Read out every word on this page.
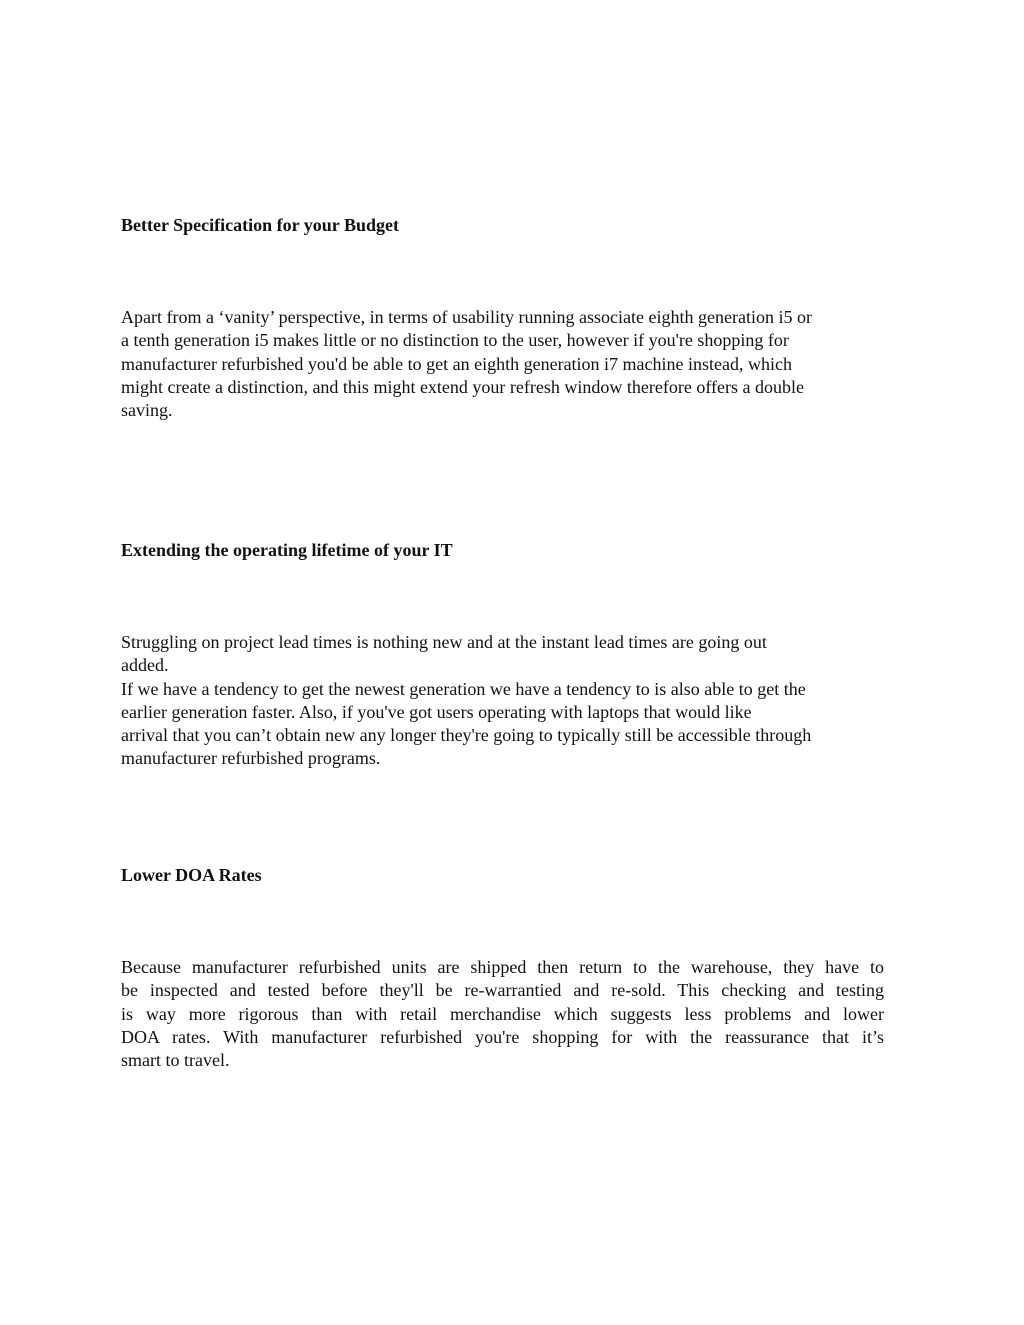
Better Specification for your Budget

Apart from a ‘vanity’ perspective, in terms of usability running associate eighth generation i5 or
a tenth generation i5 makes little or no distinction to the user, however if you're shopping for
manufacturer refurbished you'd be able to get an eighth generation i7 machine instead, which
might create a distinction, and this might extend your refresh window therefore offers a double
saving.

Extending the operating lifetime of your IT

Struggling on project lead times is nothing new and at the instant lead times are going out
added.
If we have a tendency to get the newest generation we have a tendency to is also able to get the
earlier generation faster. Also, if you've got users operating with laptops that would like
arrival that you can’t obtain new any longer they're going to typically still be accessible through
manufacturer refurbished programs.

Lower DOA Rates

Because manufacturer refurbished units are shipped then return to the warehouse, they have to
be inspected and tested before they'll be re-warrantied and re-sold. This checking and testing
is way more rigorous than with retail merchandise which suggests less problems and lower
DOA rates. With manufacturer refurbished you're shopping for with the reassurance that it’s
smart to travel.
